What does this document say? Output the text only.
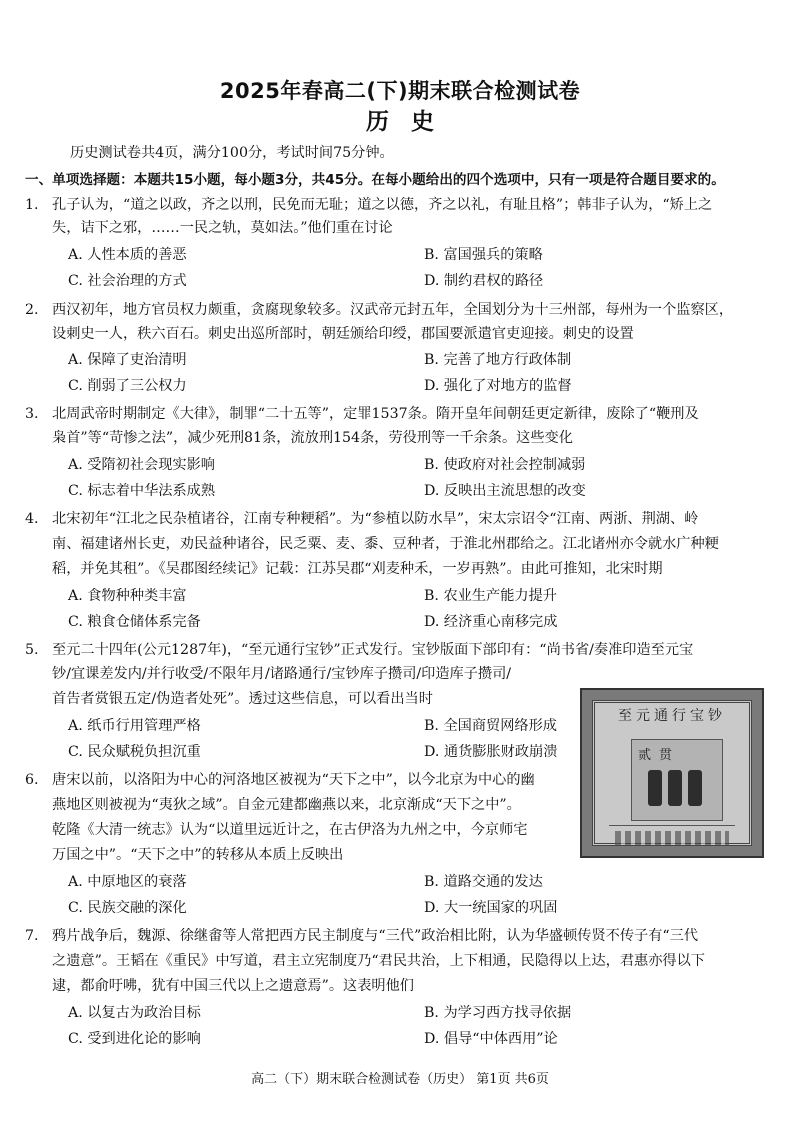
2025年春高二(下)期末联合检测试卷
历史
历史测试卷共4页，满分100分，考试时间75分钟。
一、单项选择题：本题共15小题，每小题3分，共45分。在每小题给出的四个选项中，只有一项是符合题目要求的。
1. 孔子认为，“道之以政，齐之以刑，民免而无耻；道之以德，齐之以礼，有耻且格”；韩非子认为，“矫上之
失，诘下之邪，……一民之轨，莫如法。”他们重在讨论
A. 人性本质的善恶	B. 富国强兵的策略
C. 社会治理的方式	D. 制约君权的路径
2. 西汉初年，地方官员权力颇重，贪腐现象较多。汉武帝元封五年，全国划分为十三州部，每州为一个监察区，
设刺史一人，秩六百石。刺史出巡所部时，朝廷颁给印绶，郡国要派遣官吏迎接。刺史的设置
A. 保障了吏治清明	B. 完善了地方行政体制
C. 削弱了三公权力	D. 强化了对地方的监督
3. 北周武帝时期制定《大律》，制罪“二十五等”，定罪1537条。隋开皇年间朝廷更定新律，废除了“鞭刑及
枭首”等“苛惨之法”，减少死刑81条，流放刑154条，劳役刑等一千余条。这些变化
A. 受隋初社会现实影响	B. 使政府对社会控制减弱
C. 标志着中华法系成熟	D. 反映出主流思想的改变
4. 北宋初年“江北之民杂植诸谷，江南专种粳稻”。为“参植以防水旱”，宋太宗诏令“江南、两浙、荆湖、岭
南、福建诸州长吏，劝民益种诸谷，民乏粟、麦、黍、豆种者，于淮北州郡给之。江北诸州亦令就水广种粳
稻，并免其租”。《吴郡图经续记》记载：江苏吴郡“刈麦种禾，一岁再熟”。由此可推知，北宋时期
A. 食物种种类丰富	B. 农业生产能力提升
C. 粮食仓储体系完备	D. 经济重心南移完成
5. 至元二十四年(公元1287年)，“至元通行宝钞”正式发行。宝钞版面下部印有：“尚书省/奏准印造至元宝
钞/宜课差发内/并行收受/不限年月/诸路通行/宝钞库子攒司/印造库子攒司/
首告者赏银五定/伪造者处死”。透过这些信息，可以看出当时
A. 纸币行用管理严格	B. 全国商贸网络形成
C. 民众赋税负担沉重	D. 通货膨胀财政崩溃
至元通行宝钞
贰贯
6. 唐宋以前，以洛阳为中心的河洛地区被视为“天下之中”，以今北京为中心的幽
燕地区则被视为“夷狄之域”。自金元建都幽燕以来，北京渐成“天下之中”。
乾隆《大清一统志》认为“以道里远近计之，在古伊洛为九州之中，今京师宅
万国之中”。“天下之中”的转移从本质上反映出
A. 中原地区的衰落	B. 道路交通的发达
C. 民族交融的深化	D. 大一统国家的巩固
7. 鸦片战争后，魏源、徐继畬等人常把西方民主制度与“三代”政治相比附，认为华盛顿传贤不传子有“三代
之遗意”。王韬在《重民》中写道，君主立宪制度乃“君民共治，上下相通，民隐得以上达，君惠亦得以下
逮，都俞吁咈，犹有中国三代以上之遗意焉”。这表明他们
A. 以复古为政治目标	B. 为学习西方找寻依据
C. 受到进化论的影响	D. 倡导“中体西用”论
高二（下）期末联合检测试卷（历史） 第1页 共6页
